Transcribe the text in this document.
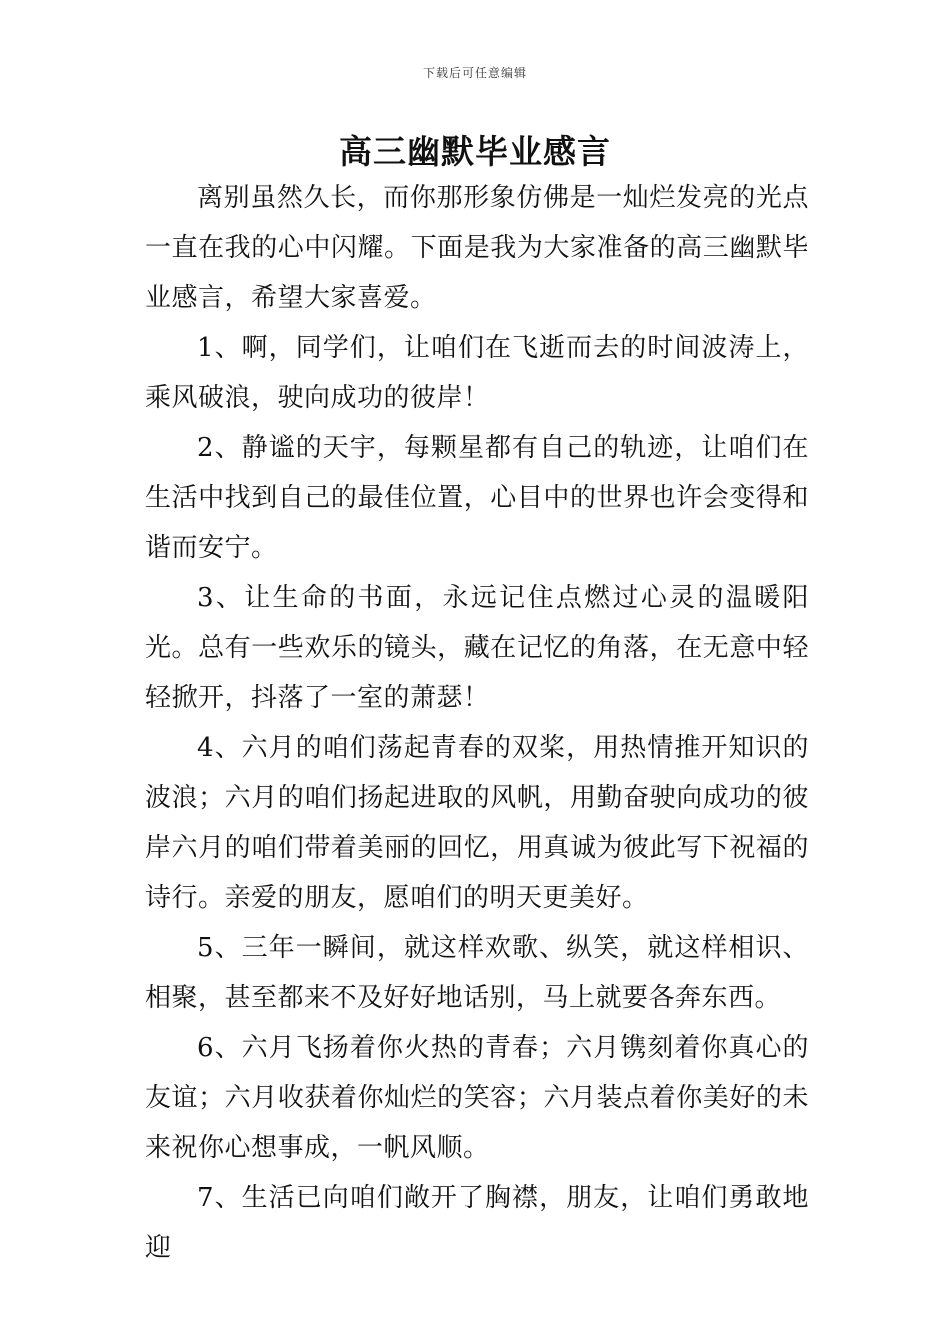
下载后可任意编辑
高三幽默毕业感言

离别虽然久长，而你那形象仿佛是一灿烂发亮的光点一直在我的心中闪耀。下面是我为大家准备的高三幽默毕业感言，希望大家喜爱。

1、啊，同学们，让咱们在飞逝而去的时间波涛上，乘风破浪，驶向成功的彼岸！

2、静谧的天宇，每颗星都有自己的轨迹，让咱们在生活中找到自己的最佳位置，心目中的世界也许会变得和谐而安宁。

3、让生命的书面，永远记住点燃过心灵的温暖阳光。总有一些欢乐的镜头，藏在记忆的角落，在无意中轻轻掀开，抖落了一室的萧瑟！

4、六月的咱们荡起青春的双桨，用热情推开知识的波浪；六月的咱们扬起进取的风帆，用勤奋驶向成功的彼岸六月的咱们带着美丽的回忆，用真诚为彼此写下祝福的诗行。亲爱的朋友，愿咱们的明天更美好。

5、三年一瞬间，就这样欢歌、纵笑，就这样相识、相聚，甚至都来不及好好地话别，马上就要各奔东西。

6、六月飞扬着你火热的青春；六月镌刻着你真心的友谊；六月收获着你灿烂的笑容；六月装点着你美好的未来祝你心想事成，一帆风顺。

7、生活已向咱们敞开了胸襟，朋友，让咱们勇敢地迎
